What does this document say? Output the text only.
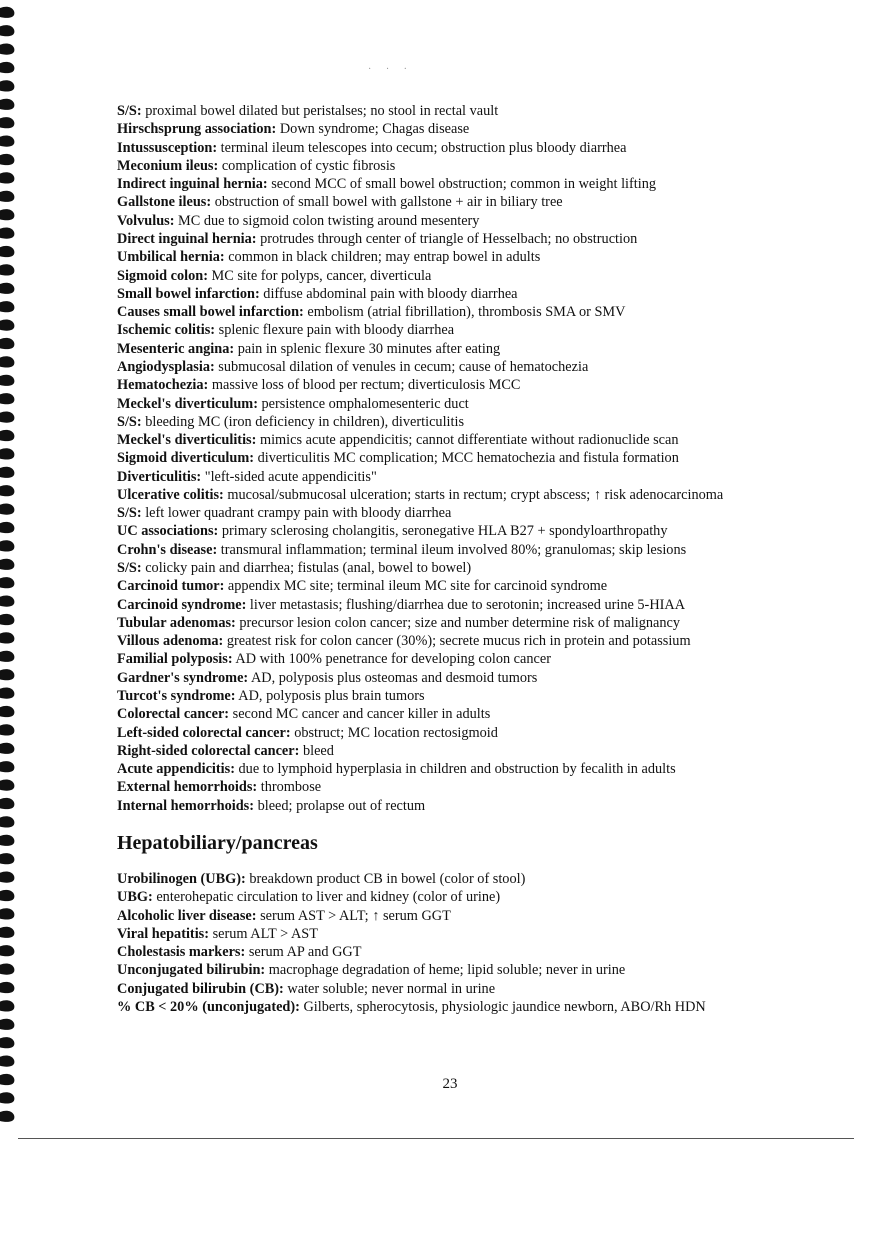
· · ·
S/S: proximal bowel dilated but peristalses; no stool in rectal vault
Hirschsprung association: Down syndrome; Chagas disease
Intussusception: terminal ileum telescopes into cecum; obstruction plus bloody diarrhea
Meconium ileus: complication of cystic fibrosis
Indirect inguinal hernia: second MCC of small bowel obstruction; common in weight lifting
Gallstone ileus: obstruction of small bowel with gallstone + air in biliary tree
Volvulus: MC due to sigmoid colon twisting around mesentery
Direct inguinal hernia: protrudes through center of triangle of Hesselbach; no obstruction
Umbilical hernia: common in black children; may entrap bowel in adults
Sigmoid colon: MC site for polyps, cancer, diverticula
Small bowel infarction: diffuse abdominal pain with bloody diarrhea
Causes small bowel infarction: embolism (atrial fibrillation), thrombosis SMA or SMV
Ischemic colitis: splenic flexure pain with bloody diarrhea
Mesenteric angina: pain in splenic flexure 30 minutes after eating
Angiodysplasia: submucosal dilation of venules in cecum; cause of hematochezia
Hematochezia: massive loss of blood per rectum; diverticulosis MCC
Meckel's diverticulum: persistence omphalomesenteric duct
S/S: bleeding MC (iron deficiency in children), diverticulitis
Meckel's diverticulitis: mimics acute appendicitis; cannot differentiate without radionuclide scan
Sigmoid diverticulum: diverticulitis MC complication; MCC hematochezia and fistula formation
Diverticulitis: "left-sided acute appendicitis"
Ulcerative colitis: mucosal/submucosal ulceration; starts in rectum; crypt abscess; ↑ risk adenocarcinoma
S/S: left lower quadrant crampy pain with bloody diarrhea
UC associations: primary sclerosing cholangitis, seronegative HLA B27 + spondyloarthropathy
Crohn's disease: transmural inflammation; terminal ileum involved 80%; granulomas; skip lesions
S/S: colicky pain and diarrhea; fistulas (anal, bowel to bowel)
Carcinoid tumor: appendix MC site; terminal ileum MC site for carcinoid syndrome
Carcinoid syndrome: liver metastasis; flushing/diarrhea due to serotonin; increased urine 5-HIAA
Tubular adenomas: precursor lesion colon cancer; size and number determine risk of malignancy
Villous adenoma: greatest risk for colon cancer (30%); secrete mucus rich in protein and potassium
Familial polyposis: AD with 100% penetrance for developing colon cancer
Gardner's syndrome: AD, polyposis plus osteomas and desmoid tumors
Turcot's syndrome: AD, polyposis plus brain tumors
Colorectal cancer: second MC cancer and cancer killer in adults
Left-sided colorectal cancer: obstruct; MC location rectosigmoid
Right-sided colorectal cancer: bleed
Acute appendicitis: due to lymphoid hyperplasia in children and obstruction by fecalith in adults
External hemorrhoids: thrombose
Internal hemorrhoids: bleed; prolapse out of rectum
Hepatobiliary/pancreas
Urobilinogen (UBG): breakdown product CB in bowel (color of stool)
UBG: enterohepatic circulation to liver and kidney (color of urine)
Alcoholic liver disease: serum AST > ALT; ↑ serum GGT
Viral hepatitis: serum ALT > AST
Cholestasis markers: serum AP and GGT
Unconjugated bilirubin: macrophage degradation of heme; lipid soluble; never in urine
Conjugated bilirubin (CB): water soluble; never normal in urine
% CB < 20% (unconjugated): Gilberts, spherocytosis, physiologic jaundice newborn, ABO/Rh HDN
23
